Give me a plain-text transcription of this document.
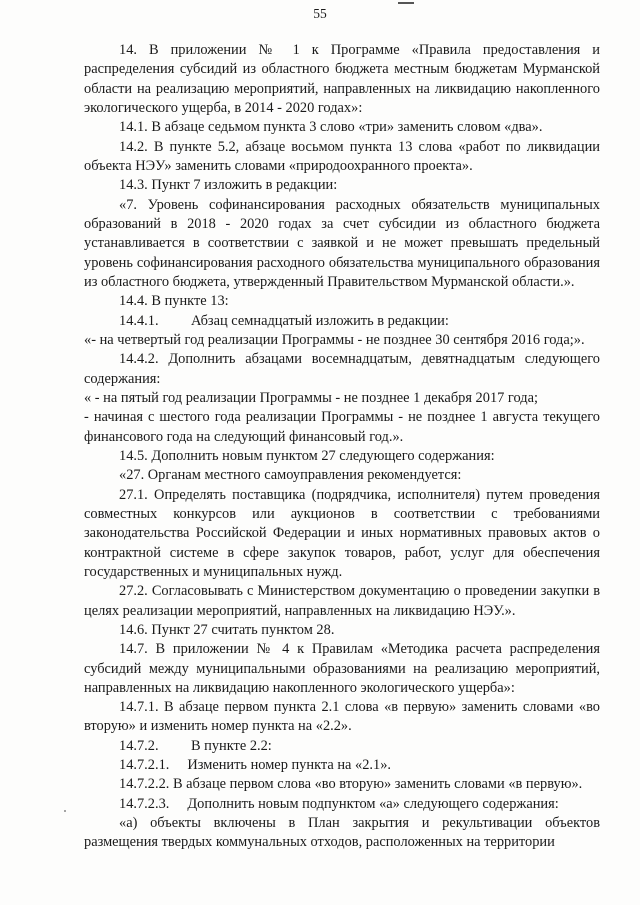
55

14. В приложении № 1 к Программе «Правила предоставления и распределения субсидий из областного бюджета местным бюджетам Мурманской области на реализацию мероприятий, направленных на ликвидацию накопленного экологического ущерба, в 2014 - 2020 годах»:

14.1. В абзаце седьмом пункта 3 слово «три» заменить словом «два».

14.2. В пункте 5.2, абзаце восьмом пункта 13 слова «работ по ликвидации объекта НЭУ» заменить словами «природоохранного проекта».

14.3. Пункт 7 изложить в редакции:

«7. Уровень софинансирования расходных обязательств муниципальных образований в 2018 - 2020 годах за счет субсидии из областного бюджета устанавливается в соответствии с заявкой и не может превышать предельный уровень софинансирования расходного обязательства муниципального образования из областного бюджета, утвержденный Правительством Мурманской области.».

14.4. В пункте 13:

14.4.1.         Абзац семнадцатый изложить в редакции:

«- на четвертый год реализации Программы - не позднее 30 сентября 2016 года;».

14.4.2. Дополнить абзацами восемнадцатым, девятнадцатым следующего содержания:

« - на пятый год реализации Программы - не позднее 1 декабря 2017 года;

- начиная с шестого года реализации Программы - не позднее 1 августа текущего финансового года на следующий финансовый год.».

14.5. Дополнить новым пунктом 27 следующего содержания:

«27. Органам местного самоуправления рекомендуется:

27.1. Определять поставщика (подрядчика, исполнителя) путем проведения совместных конкурсов или аукционов в соответствии с требованиями законодательства Российской Федерации и иных нормативных правовых актов о контрактной системе в сфере закупок товаров, работ, услуг для обеспечения государственных и муниципальных нужд.

27.2. Согласовывать с Министерством документацию о проведении закупки в целях реализации мероприятий, направленных на ликвидацию НЭУ.».

14.6. Пункт 27 считать пунктом 28.

14.7. В приложении № 4 к Правилам «Методика расчета распределения субсидий между муниципальными образованиями на реализацию мероприятий, направленных на ликвидацию накопленного экологического ущерба»:

14.7.1. В абзаце первом пункта 2.1 слова «в первую» заменить словами «во вторую» и изменить номер пункта на «2.2».

14.7.2.         В пункте 2.2:

14.7.2.1.     Изменить номер пункта на «2.1».

14.7.2.2. В абзаце первом слова «во вторую» заменить словами «в первую».

14.7.2.3.     Дополнить новым подпунктом «а» следующего содержания:

«а) объекты включены в План закрытия и рекультивации объектов размещения твердых коммунальных отходов, расположенных на территории
